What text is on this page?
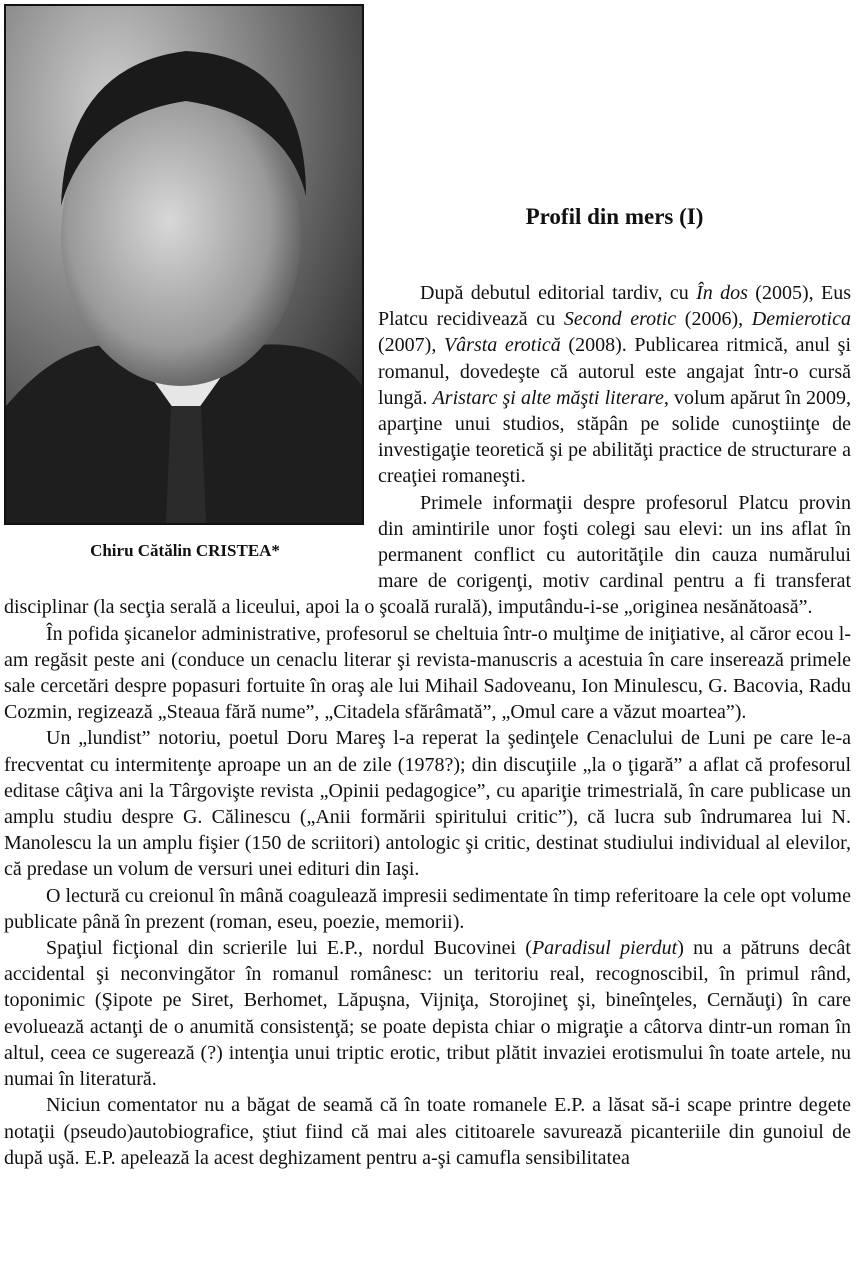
Chiru Cătălin CRISTEA*
Profil din mers (I)

După debutul editorial tardiv, cu În dos (2005), Eus Platcu recidivează cu Second erotic (2006), Demierotica (2007), Vârsta erotică (2008). Publicarea ritmică, anul şi romanul, dovedeşte că autorul este angajat într-o cursă lungă. Aristarc şi alte măşti literare, volum apărut în 2009, aparţine unui studios, stăpân pe solide cunoştiinţe de investigaţie teoretică şi pe abilităţi practice de structurare a creaţiei romaneşti.

Primele informaţii despre profesorul Platcu provin din amintirile unor foşti colegi sau elevi: un ins aflat în permanent conflict cu autorităţile din cauza numărului mare de corigenţi, motiv cardinal pentru a fi transferat disciplinar (la secţia serală a liceului, apoi la o şcoală rurală), imputându-i-se „originea nesănătoasă”.

În pofida şicanelor administrative, profesorul se cheltuia într-o mulţime de iniţiative, al căror ecou l-am regăsit peste ani (conduce un cenaclu literar şi revista-manuscris a acestuia în care inserează primele sale cercetări despre popasuri fortuite în oraş ale lui Mihail Sadoveanu, Ion Minulescu, G. Bacovia, Radu Cozmin, regizează „Steaua fără nume”, „Citadela sfărâmată”, „Omul care a văzut moartea”).

Un „lundist” notoriu, poetul Doru Mareş l-a reperat la şedinţele Cenaclului de Luni pe care le-a frecventat cu intermitenţe aproape un an de zile (1978?); din discuţiile „la o ţigară” a aflat că profesorul editase câţiva ani la Târgovişte revista „Opinii pedagogice”, cu apariţie trimestrială, în care publicase un amplu studiu despre G. Călinescu („Anii formării spiritului critic”), că lucra sub îndrumarea lui N. Manolescu la un amplu fişier (150 de scriitori) antologic şi critic, destinat studiului individual al elevilor, că predase un volum de versuri unei edituri din Iaşi.

O lectură cu creionul în mână coagulează impresii sedimentate în timp referitoare la cele opt volume publicate până în prezent (roman, eseu, poezie, memorii).

Spaţiul ficţional din scrierile lui E.P., nordul Bucovinei (Paradisul pierdut) nu a pătruns decât accidental şi neconvingător în romanul românesc: un teritoriu real, recognoscibil, în primul rând, toponimic (Şipote pe Siret, Berhomet, Lăpuşna, Vijniţa, Storojineţ şi, bineînţeles, Cernăuţi) în care evoluează actanţi de o anumită consistenţă; se poate depista chiar o migraţie a câtorva dintr-un roman în altul, ceea ce sugerează (?) intenţia unui triptic erotic, tribut plătit invaziei erotismului în toate artele, nu numai în literatură.

Niciun comentator nu a băgat de seamă că în toate romanele E.P. a lăsat să-i scape printre degete notaţii (pseudo)autobiografice, ştiut fiind că mai ales cititoarele savurează picanteriile din gunoiul de după uşă. E.P. apelează la acest deghizament pentru a-şi camufla sensibilitatea
